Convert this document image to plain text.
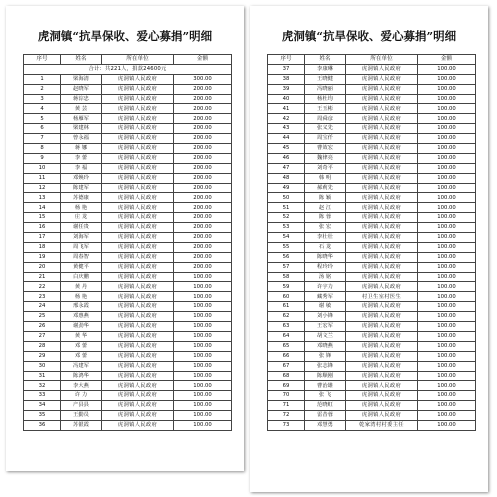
虎洞镇“抗旱保收、爱心募捐”明细
序号	姓名	所在单位	金额
合计：共221人，捐款24600元			
1	梁海清	虎洞镇人民政府	300.00
2	赵晓军	虎洞镇人民政府	200.00
3	蒋淙忠	虎洞镇人民政府	200.00
4	黄 芸	虎洞镇人民政府	200.00
5	杨雁军	虎洞镇人民政府	200.00
6	梁建林	虎洞镇人民政府	200.00
7	曾永福	虎洞镇人民政府	200.00
8	蒋 娜	虎洞镇人民政府	200.00
9	李 蕾	虎洞镇人民政府	200.00
10	李 福	虎洞镇人民政府	200.00
11	邓焕玲	虎洞镇人民政府	200.00
12	陈建军	虎洞镇人民政府	200.00
13	苏德康	虎洞镇人民政府	200.00
14	杨 艳	虎洞镇人民政府	200.00
15	庄 龙	虎洞镇人民政府	200.00
16	谢任贵	虎洞镇人民政府	200.00
17	刘海军	虎洞镇人民政府	200.00
18	周飞军	虎洞镇人民政府	200.00
19	周春智	虎洞镇人民政府	200.00
20	黄健平	虎洞镇人民政府	200.00
21	白庆鹏	虎洞镇人民政府	100.00
22	黄 丹	虎洞镇人民政府	100.00
23	杨 艳	虎洞镇人民政府	100.00
24	邢永霞	虎洞镇人民政府	100.00
25	邓惠燕	虎洞镇人民政府	100.00
26	谢劲华	虎洞镇人民政府	100.00
27	黄 华	虎洞镇人民政府	100.00
28	邓 蕾	虎洞镇人民政府	100.00
29	邓 蕾	虎洞镇人民政府	100.00
30	冯建军	虎洞镇人民政府	100.00
31	陈鸿华	虎洞镇人民政府	100.00
32	李大燕	虎洞镇人民政府	100.00
33	许 力	虎洞镇人民政府	100.00
34	产县县	虎洞镇人民政府	100.00
35	王勤员	虎洞镇人民政府	100.00
36	苏银霞	虎洞镇人民政府	100.00
虎洞镇“抗旱保收、爱心募捐”明细
序号	姓名	所在单位	金额
37	李康琳	虎洞镇人民政府	100.00
38	王晓健	虎洞镇人民政府	100.00
39	冯晓丽	虎洞镇人民政府	100.00
40	杨杜均	虎洞镇人民政府	100.00
41	王玉彬	虎洞镇人民政府	100.00
42	周舜彦	虎洞镇人民政府	100.00
43	张义先	虎洞镇人民政府	100.00
44	周宝仟	虎洞镇人民政府	100.00
45	曹效宏	虎洞镇人民政府	100.00
46	魏律亮	虎洞镇人民政府	100.00
47	刘奇平	虎洞镇人民政府	100.00
48	韩 明	虎洞镇人民政府	100.00
49	郝莉先	虎洞镇人民政府	100.00
50	陈 颖	虎洞镇人民政府	100.00
51	赵 江	虎洞镇人民政府	100.00
52	陈 蓉	虎洞镇人民政府	100.00
53	张 宏	虎洞镇人民政府	100.00
54	李壮壮	虎洞镇人民政府	100.00
55	石 龙	虎洞镇人民政府	100.00
56	陈晓华	虎洞镇人民政府	100.00
57	程玲玲	虎洞镇人民政府	100.00
58	汤 铭	虎洞镇人民政府	100.00
59	许宇力	虎洞镇人民政府	100.00
60	藏秀军	村卫生室村医生	100.00
61	谢 敏	虎洞镇人民政府	100.00
62	刘小锋	虎洞镇人民政府	100.00
63	王宏军	虎洞镇人民政府	100.00
64	胡文兰	虎洞镇人民政府	100.00
65	邓晓燕	虎洞镇人民政府	100.00
66	张 锋	虎洞镇人民政府	100.00
67	张志锋	虎洞镇人民政府	100.00
68	陈顺刚	虎洞镇人民政府	100.00
69	曹治雄	虎洞镇人民政府	100.00
70	张 飞	虎洞镇人民政府	100.00
71	范晓虹	虎洞镇人民政府	100.00
72	雷昔蓉	虎洞镇人民政府	100.00
73	邓慧勇	乾家湾村村委主任	100.00
